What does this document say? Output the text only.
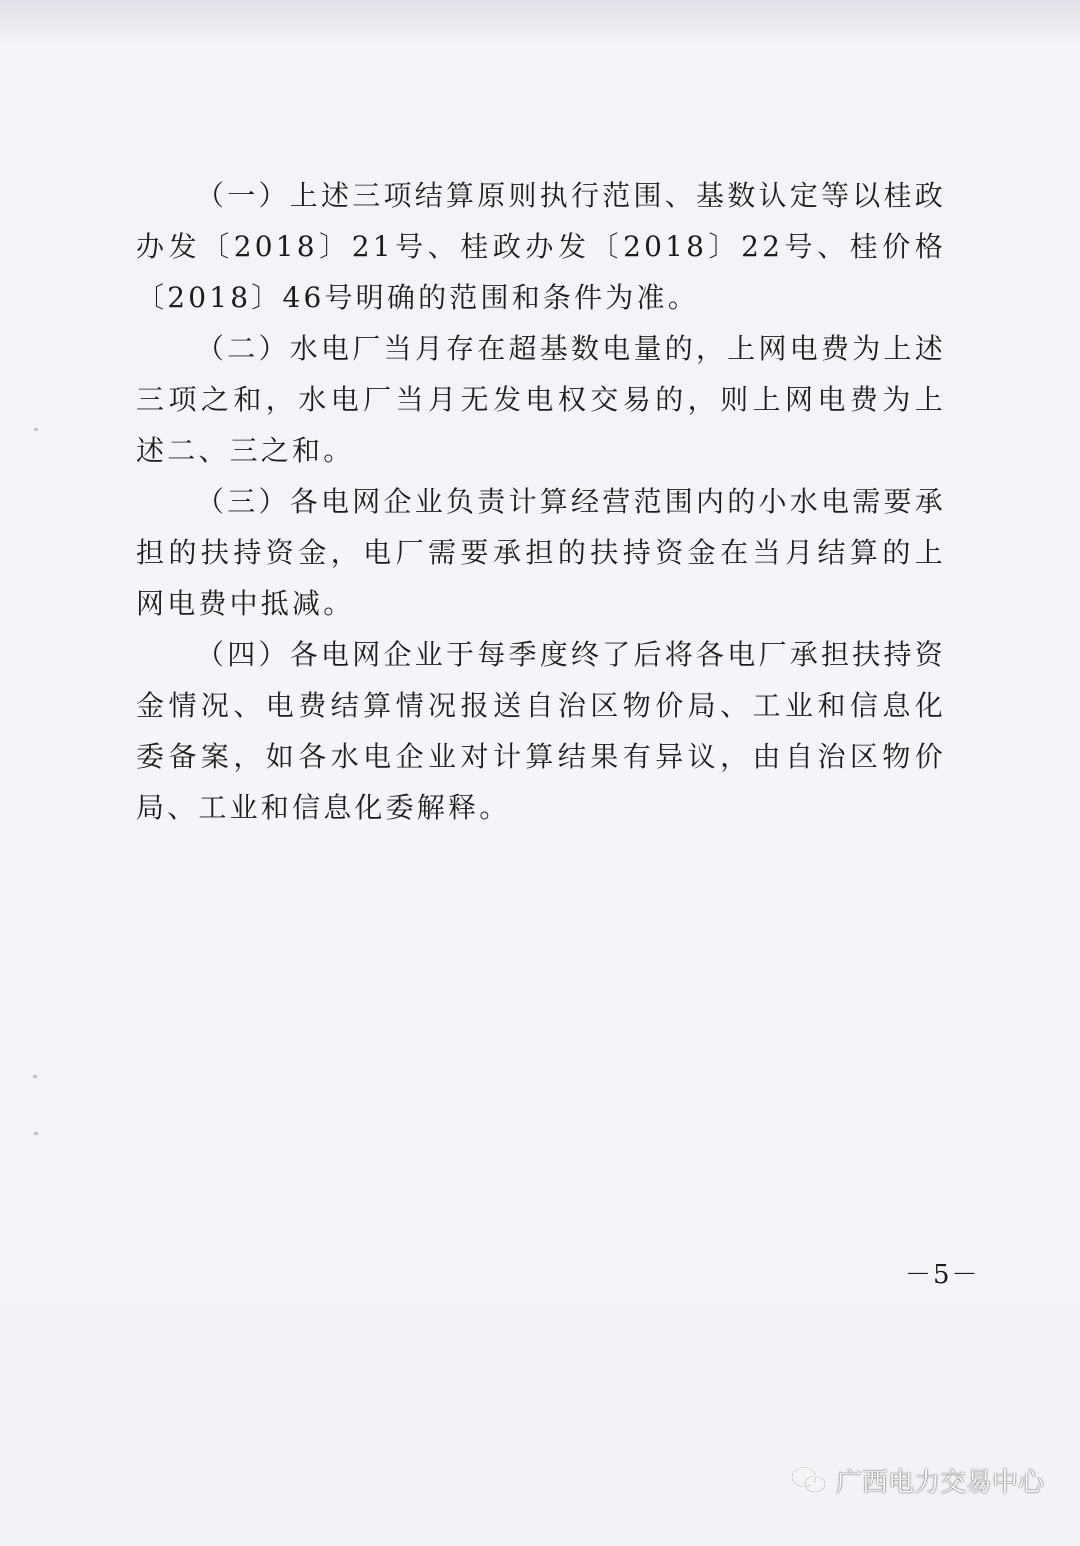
（一）上述三项结算原则执行范围、基数认定等以桂政办发〔2018〕21号、桂政办发〔2018〕22号、桂价格〔2018〕46号明确的范围和条件为准。

（二）水电厂当月存在超基数电量的，上网电费为上述三项之和，水电厂当月无发电权交易的，则上网电费为上述二、三之和。

（三）各电网企业负责计算经营范围内的小水电需要承担的扶持资金，电厂需要承担的扶持资金在当月结算的上网电费中抵减。

（四）各电网企业于每季度终了后将各电厂承担扶持资金情况、电费结算情况报送自治区物价局、工业和信息化委备案，如各水电企业对计算结果有异议，由自治区物价局、工业和信息化委解释。

－5－
广西电力交易中心
